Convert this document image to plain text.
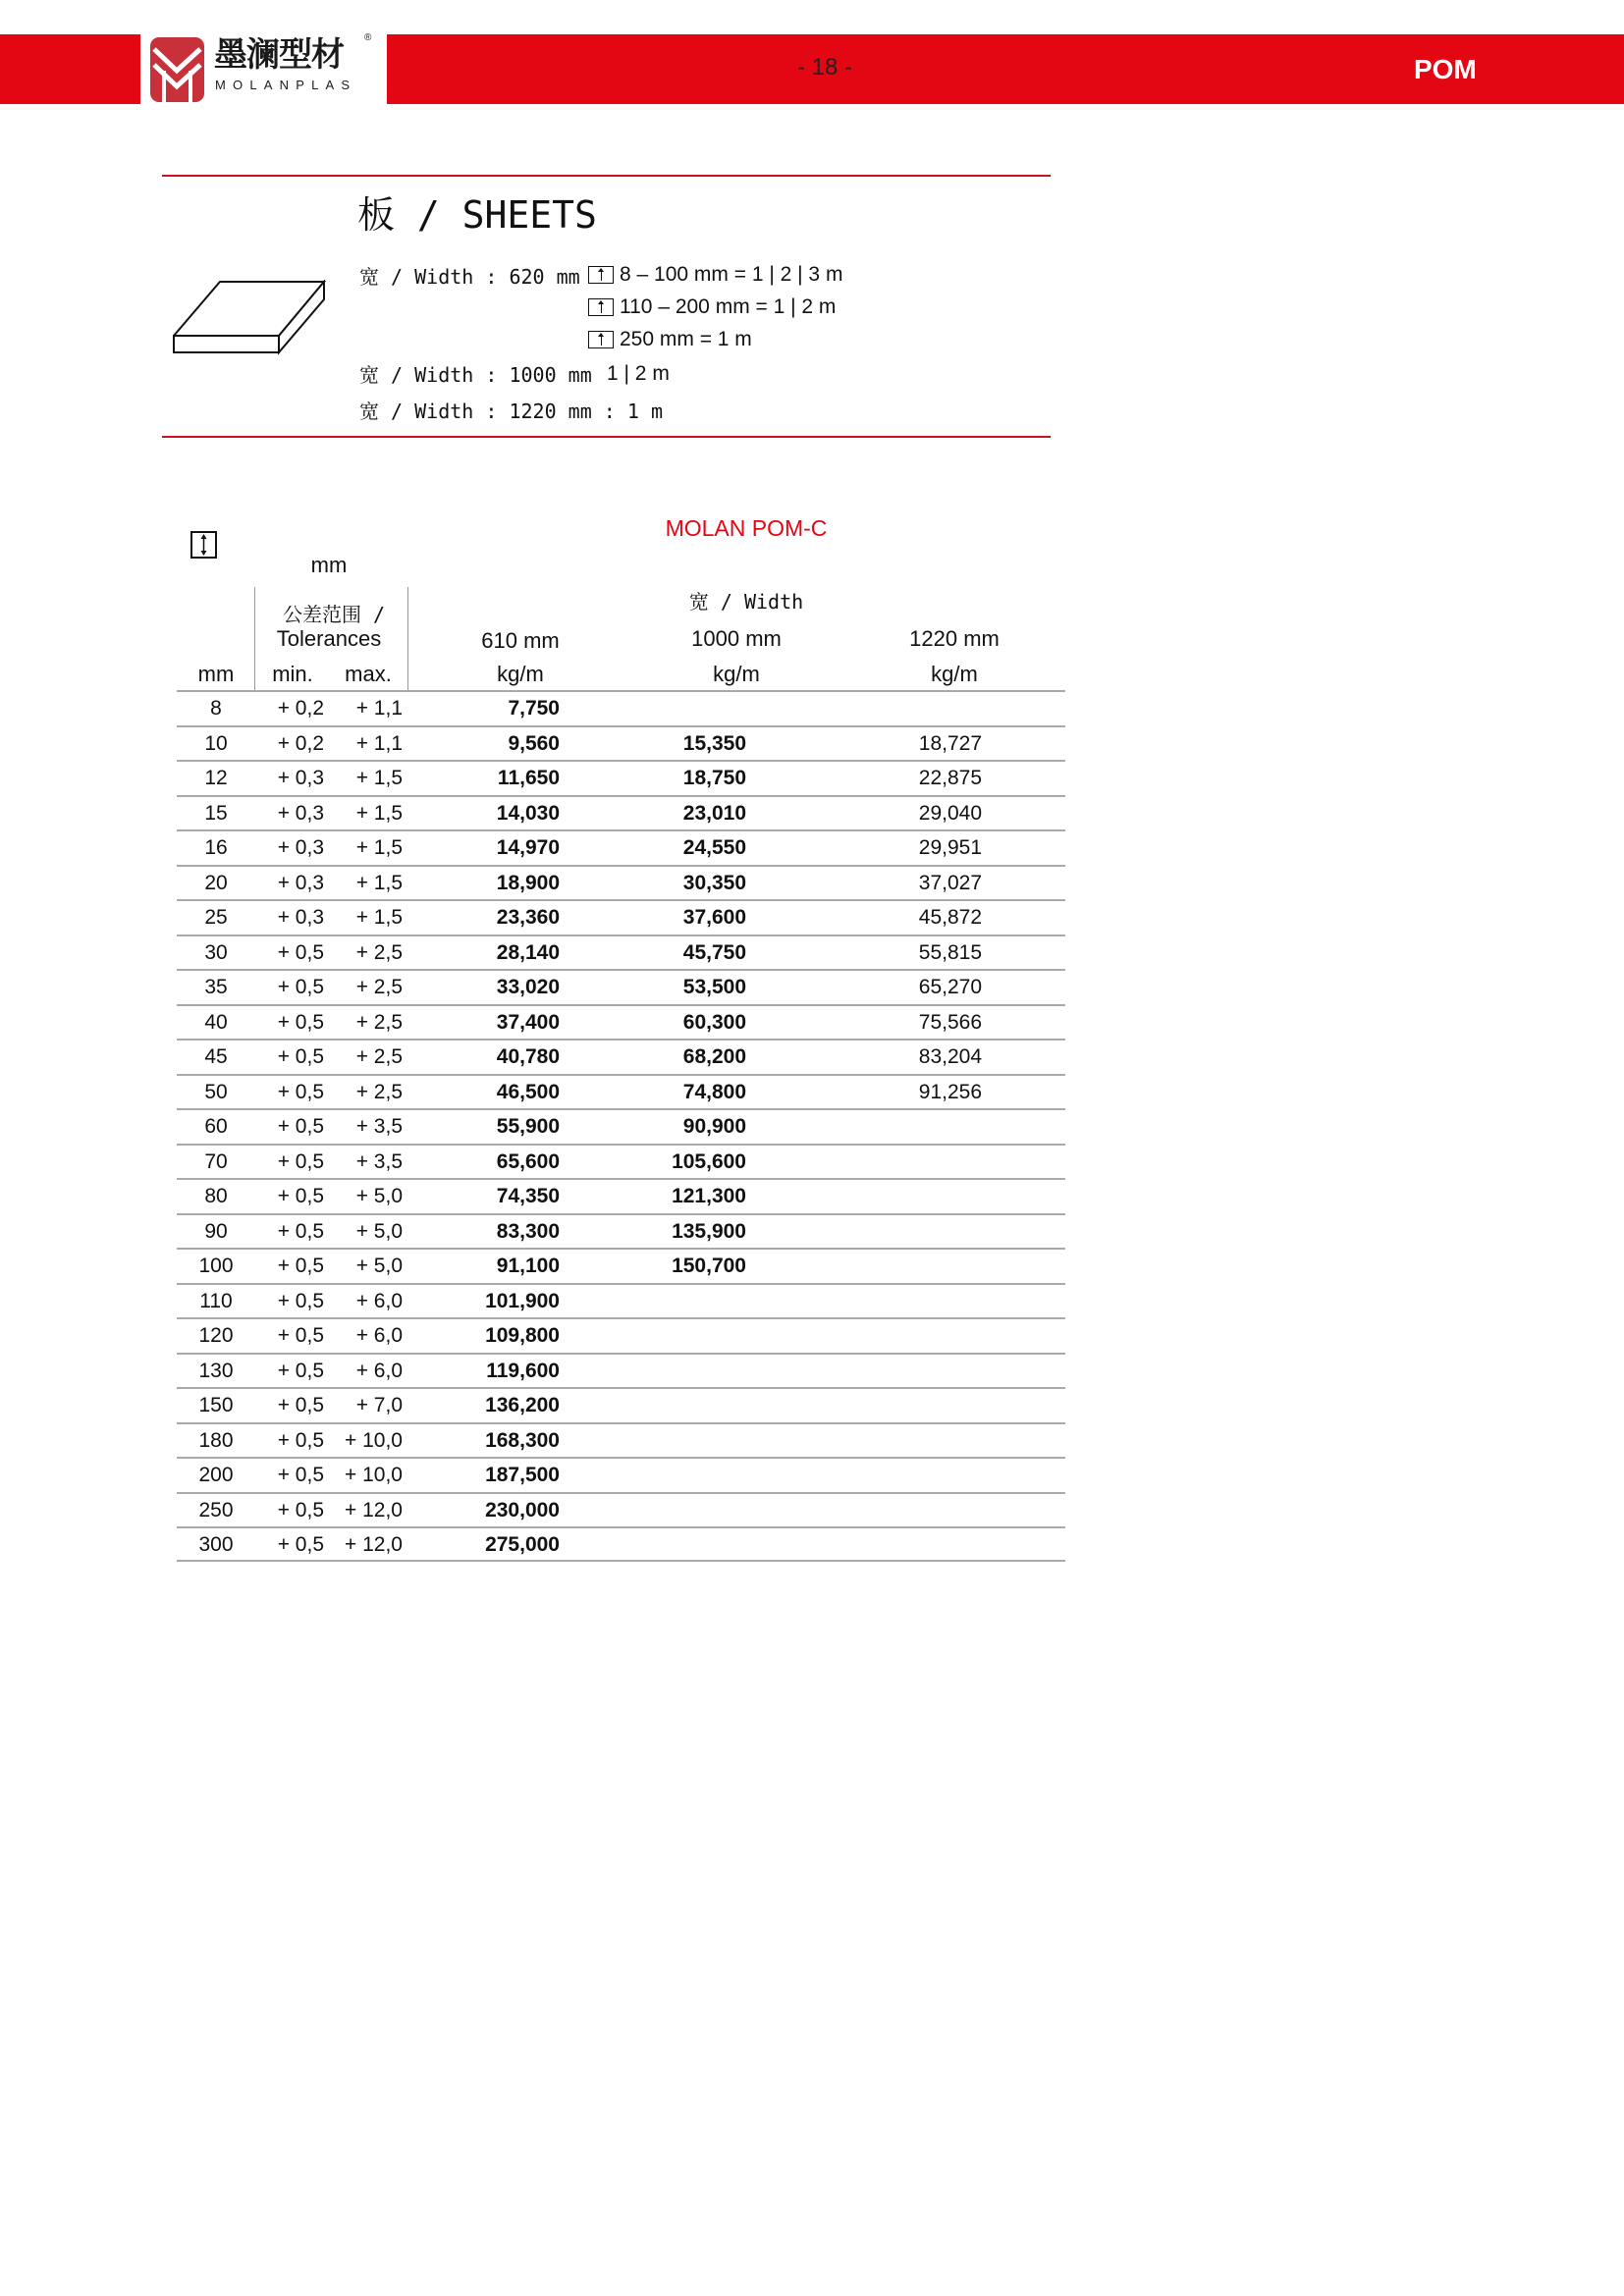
墨澜型材
MOLANPLAS
®
- 18 -	POM
板 / SHEETS
宽 / Width : 620 mm 8 – 100 mm = 1 | 2 | 3 m
110 – 200 mm = 1 | 2 m
250 mm = 1 m
宽 / Width : 1000 mm 1 | 2 m
宽 / Width : 1220 mm : 1 m
MOLAN POM-C
mm
公差范围 /
Tolerances
宽 / Width
610 mm	1000 mm	1220 mm
mm	min.	max.	kg/m	kg/m	kg/m
8	+ 0,2	+ 1,1	7,750
10	+ 0,2	+ 1,1	9,560	15,350	18,727
12	+ 0,3	+ 1,5	11,650	18,750	22,875
15	+ 0,3	+ 1,5	14,030	23,010	29,040
16	+ 0,3	+ 1,5	14,970	24,550	29,951
20	+ 0,3	+ 1,5	18,900	30,350	37,027
25	+ 0,3	+ 1,5	23,360	37,600	45,872
30	+ 0,5	+ 2,5	28,140	45,750	55,815
35	+ 0,5	+ 2,5	33,020	53,500	65,270
40	+ 0,5	+ 2,5	37,400	60,300	75,566
45	+ 0,5	+ 2,5	40,780	68,200	83,204
50	+ 0,5	+ 2,5	46,500	74,800	91,256
60	+ 0,5	+ 3,5	55,900	90,900
70	+ 0,5	+ 3,5	65,600	105,600
80	+ 0,5	+ 5,0	74,350	121,300
90	+ 0,5	+ 5,0	83,300	135,900
100	+ 0,5	+ 5,0	91,100	150,700
110	+ 0,5	+ 6,0	101,900
120	+ 0,5	+ 6,0	109,800
130	+ 0,5	+ 6,0	119,600
150	+ 0,5	+ 7,0	136,200
180	+ 0,5	+ 10,0	168,300
200	+ 0,5	+ 10,0	187,500
250	+ 0,5	+ 12,0	230,000
300	+ 0,5	+ 12,0	275,000
